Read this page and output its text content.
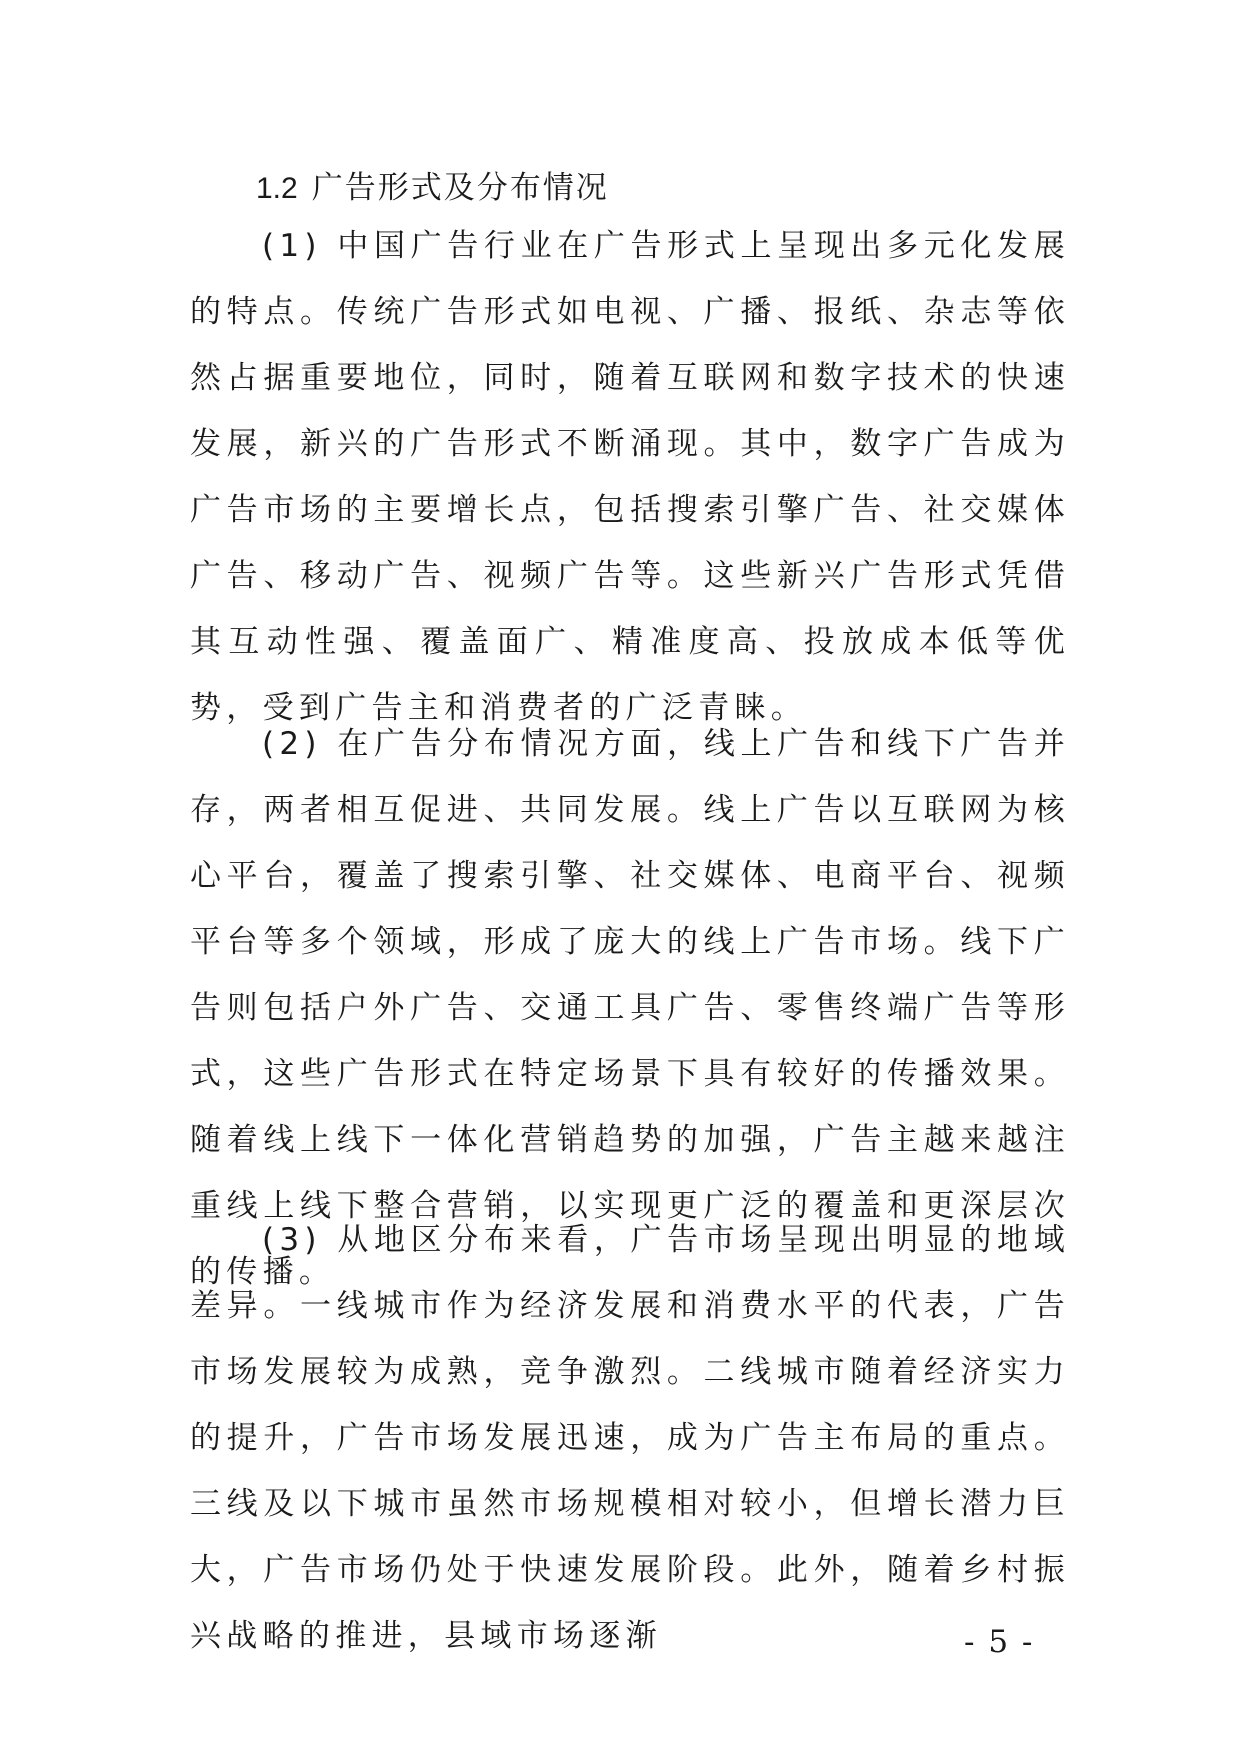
1.2 广告形式及分布情况

(1) 中国广告行业在广告形式上呈现出多元化发展的特点。传统广告形式如电视、广播、报纸、杂志等依然占据重要地位，同时，随着互联网和数字技术的快速发展，新兴的广告形式不断涌现。其中，数字广告成为广告市场的主要增长点，包括搜索引擎广告、社交媒体广告、移动广告、视频广告等。这些新兴广告形式凭借其互动性强、覆盖面广、精准度高、投放成本低等优势，受到广告主和消费者的广泛青睐。

(2) 在广告分布情况方面，线上广告和线下广告并存，两者相互促进、共同发展。线上广告以互联网为核心平台，覆盖了搜索引擎、社交媒体、电商平台、视频平台等多个领域，形成了庞大的线上广告市场。线下广告则包括户外广告、交通工具广告、零售终端广告等形式，这些广告形式在特定场景下具有较好的传播效果。随着线上线下一体化营销趋势的加强，广告主越来越注重线上线下整合营销，以实现更广泛的覆盖和更深层次的传播。

(3) 从地区分布来看，广告市场呈现出明显的地域差异。一线城市作为经济发展和消费水平的代表，广告市场发展较为成熟，竞争激烈。二线城市随着经济实力的提升，广告市场发展迅速，成为广告主布局的重点。三线及以下城市虽然市场规模相对较小，但增长潜力巨大，广告市场仍处于快速发展阶段。此外，随着乡村振兴战略的推进，县域市场逐渐	- 5 -
